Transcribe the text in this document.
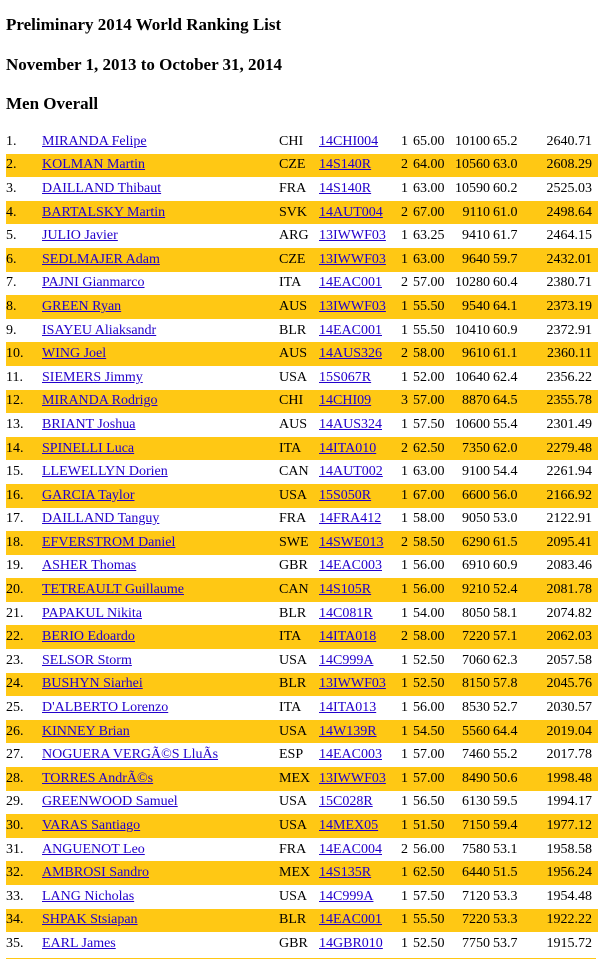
Preliminary 2014 World Ranking List
November 1, 2013 to October 31, 2014
Men Overall
1.	MIRANDA Felipe	CHI	14CHI004	1	65.00	10100	65.2	2640.71
2.	KOLMAN Martin	CZE	14S140R	2	64.00	10560	63.0	2608.29
3.	DAILLAND Thibaut	FRA	14S140R	1	63.00	10590	60.2	2525.03
4.	BARTALSKY Martin	SVK	14AUT004	2	67.00	9110	61.0	2498.64
5.	JULIO Javier	ARG	13IWWF03	1	63.25	9410	61.7	2464.15
6.	SEDLMAJER Adam	CZE	13IWWF03	1	63.00	9640	59.7	2432.01
7.	PAJNI Gianmarco	ITA	14EAC001	2	57.00	10280	60.4	2380.71
8.	GREEN Ryan	AUS	13IWWF03	1	55.50	9540	64.1	2373.19
9.	ISAYEU Aliaksandr	BLR	14EAC001	1	55.50	10410	60.9	2372.91
10.	WING Joel	AUS	14AUS326	2	58.00	9610	61.1	2360.11
11.	SIEMERS Jimmy	USA	15S067R	1	52.00	10640	62.4	2356.22
12.	MIRANDA Rodrigo	CHI	14CHI09	3	57.00	8870	64.5	2355.78
13.	BRIANT Joshua	AUS	14AUS324	1	57.50	10600	55.4	2301.49
14.	SPINELLI Luca	ITA	14ITA010	2	62.50	7350	62.0	2279.48
15.	LLEWELLYN Dorien	CAN	14AUT002	1	63.00	9100	54.4	2261.94
16.	GARCIA Taylor	USA	15S050R	1	67.00	6600	56.0	2166.92
17.	DAILLAND Tanguy	FRA	14FRA412	1	58.00	9050	53.0	2122.91
18.	EFVERSTROM Daniel	SWE	14SWE013	2	58.50	6290	61.5	2095.41
19.	ASHER Thomas	GBR	14EAC003	1	56.00	6910	60.9	2083.46
20.	TETREAULT Guillaume	CAN	14S105R	1	56.00	9210	52.4	2081.78
21.	PAPAKUL Nikita	BLR	14C081R	1	54.00	8050	58.1	2074.82
22.	BERIO Edoardo	ITA	14ITA018	2	58.00	7220	57.1	2062.03
23.	SELSOR Storm	USA	14C999A	1	52.50	7060	62.3	2057.58
24.	BUSHYN Siarhei	BLR	13IWWF03	1	52.50	8150	57.8	2045.76
25.	D'ALBERTO Lorenzo	ITA	14ITA013	1	56.00	8530	52.7	2030.57
26.	KINNEY Brian	USA	14W139R	1	54.50	5560	64.4	2019.04
27.	NOGUERA VERGÃ©S LluÃs	ESP	14EAC003	1	57.00	7460	55.2	2017.78
28.	TORRES AndrÃ©s	MEX	13IWWF03	1	57.00	8490	50.6	1998.48
29.	GREENWOOD Samuel	USA	15C028R	1	56.50	6130	59.5	1994.17
30.	VARAS Santiago	USA	14MEX05	1	51.50	7150	59.4	1977.12
31.	ANGUENOT Leo	FRA	14EAC004	2	56.00	7580	53.1	1958.58
32.	AMBROSI Sandro	MEX	14S135R	1	62.50	6440	51.5	1956.24
33.	LANG Nicholas	USA	14C999A	1	57.50	7120	53.3	1954.48
34.	SHPAK Stsiapan	BLR	14EAC001	1	55.50	7220	53.3	1922.22
35.	EARL James	GBR	14GBR010	1	52.50	7750	53.7	1915.72
